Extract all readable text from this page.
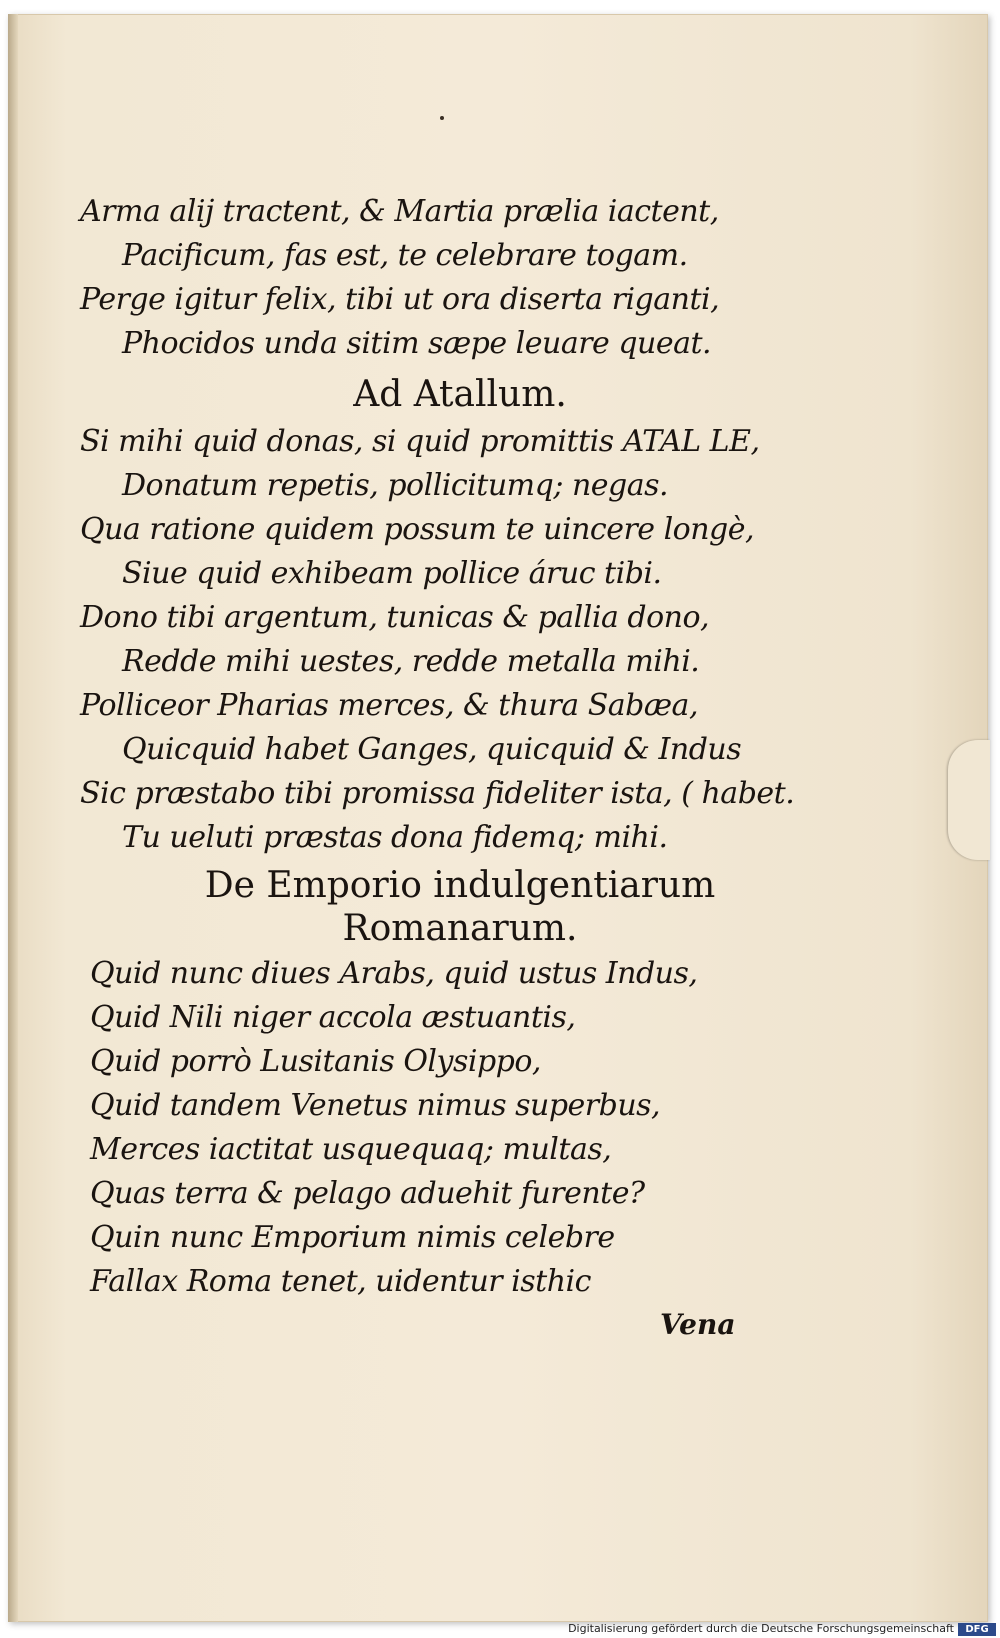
Arma alij tractent, & Martia prælia iactent,
Pacificum, fas est, te celebrare togam.
Perge igitur felix, tibi ut ora diserta riganti,
Phocidos unda sitim sæpe leuare queat.
Ad Atallum.
Si mihi quid donas, si quid promittis ATAL LE,
Donatum repetis, pollicitumq; negas.
Qua ratione quidem possum te uincere longè,
Siue quid exhibeam pollice áruc tibi.
Dono tibi argentum, tunicas & pallia dono,
Redde mihi uestes, redde metalla mihi.
Polliceor Pharias merces, & thura Sabæa,
Quicquid habet Ganges, quicquid & Indus
Sic præstabo tibi promissa fideliter ista, ( habet.
Tu ueluti præstas dona fidemq; mihi.
De Emporio indulgentiarum
Romanarum.
Quid nunc diues Arabs, quid ustus Indus,
Quid Nili niger accola æstuantis,
Quid porrò Lusitanis Olysippo,
Quid tandem Venetus nimus superbus,
Merces iactitat usquequaq; multas,
Quas terra & pelago aduehit furente?
Quin nunc Emporium nimis celebre
Fallax Roma tenet, uidentur isthic
Vena
Digitalisierung gefördert durch die Deutsche Forschungsgemeinschaft	DFG
